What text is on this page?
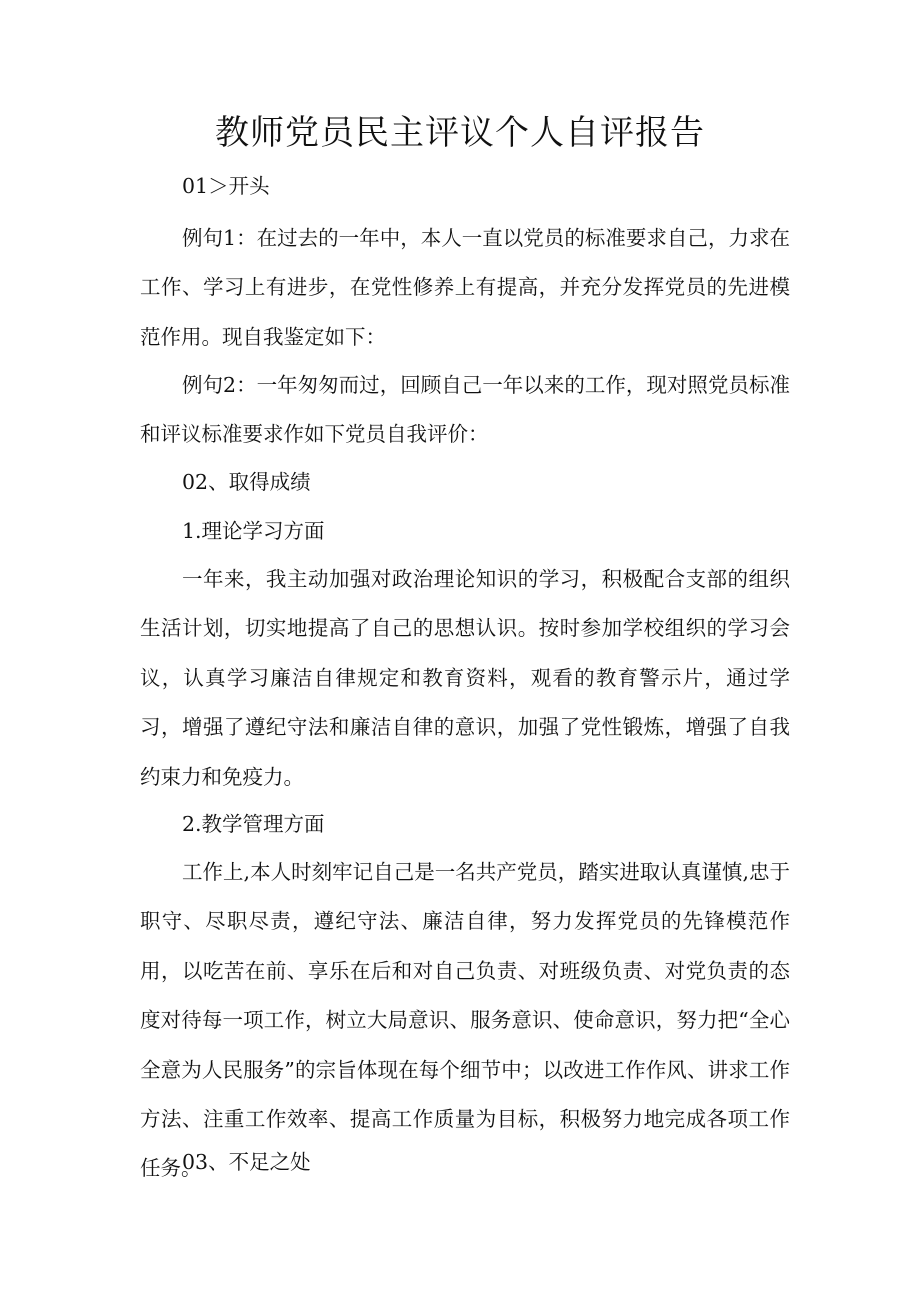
教师党员民主评议个人自评报告

01＞开头

例句1：在过去的一年中，本人一直以党员的标准要求自己，力求在工作、学习上有进步，在党性修养上有提高，并充分发挥党员的先进模范作用。现自我鉴定如下：

例句2：一年匆匆而过，回顾自己一年以来的工作，现对照党员标准和评议标准要求作如下党员自我评价：

02、取得成绩

1.理论学习方面

一年来，我主动加强对政治理论知识的学习，积极配合支部的组织生活计划，切实地提高了自己的思想认识。按时参加学校组织的学习会议，认真学习廉洁自律规定和教育资料，观看的教育警示片，通过学习，增强了遵纪守法和廉洁自律的意识，加强了党性锻炼，增强了自我约束力和免疫力。

2.教学管理方面

工作上,本人时刻牢记自己是一名共产党员，踏实进取认真谨慎,忠于职守、尽职尽责，遵纪守法、廉洁自律，努力发挥党员的先锋模范作用，以吃苦在前、享乐在后和对自己负责、对班级负责、对党负责的态度对待每一项工作，树立大局意识、服务意识、使命意识，努力把“全心全意为人民服务”的宗旨体现在每个细节中；以改进工作作风、讲求工作方法、注重工作效率、提高工作质量为目标，积极努力地完成各项工作任务。

03、不足之处
